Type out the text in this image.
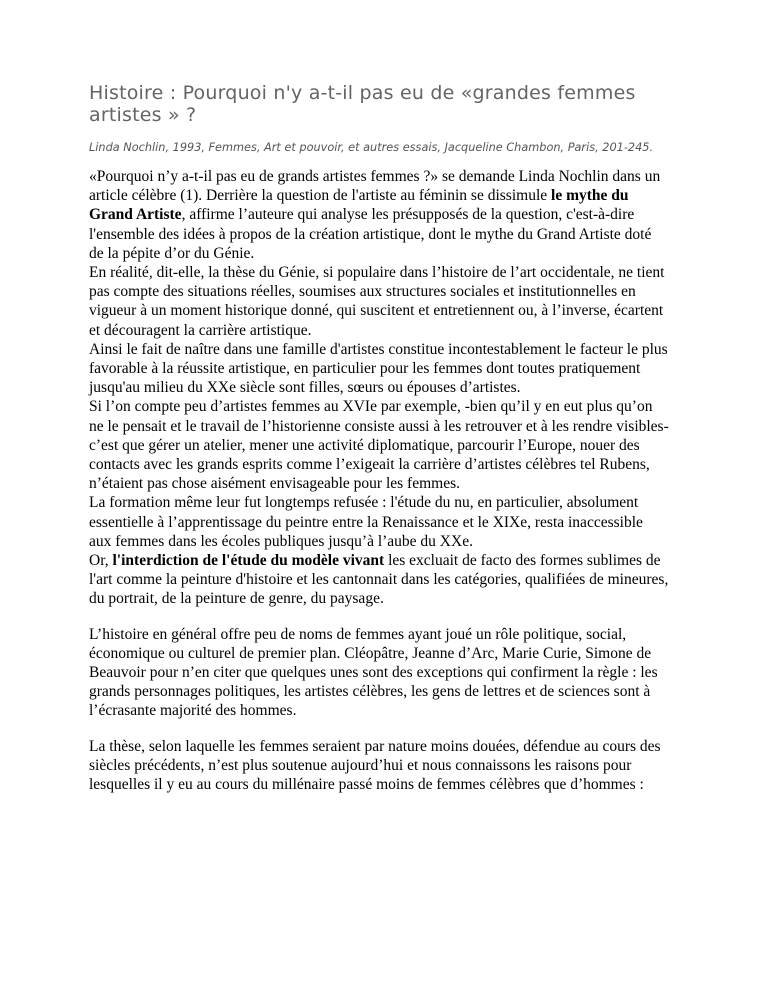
Histoire : Pourquoi n'y a-t-il pas eu de «grandes femmes artistes » ?

Linda Nochlin, 1993, Femmes, Art et pouvoir, et autres essais, Jacqueline Chambon, Paris, 201-245.

«Pourquoi n’y a-t-il pas eu de grands artistes femmes ?» se demande Linda Nochlin dans un article célèbre (1). Derrière la question de l'artiste au féminin se dissimule le mythe du Grand Artiste, affirme l’auteure qui analyse les présupposés de la question, c'est-à-dire l'ensemble des idées à propos de la création artistique, dont le mythe du Grand Artiste doté de la pépite d’or du Génie.
En réalité, dit-elle, la thèse du Génie, si populaire dans l’histoire de l’art occidentale, ne tient pas compte des situations réelles, soumises aux structures sociales et institutionnelles en vigueur à un moment historique donné, qui suscitent et entretiennent ou, à l’inverse, écartent et découragent la carrière artistique.
Ainsi le fait de naître dans une famille d'artistes constitue incontestablement le facteur le plus favorable à la réussite artistique, en particulier pour les femmes dont toutes pratiquement jusqu'au milieu du XXe siècle sont filles, sœurs ou épouses d’artistes.
Si l’on compte peu d’artistes femmes au XVIe par exemple, -bien qu’il y en eut plus qu’on ne le pensait et le travail de l’historienne consiste aussi à les retrouver et à les rendre visibles- c’est que gérer un atelier, mener une activité diplomatique, parcourir l’Europe, nouer des contacts avec les grands esprits comme l’exigeait la carrière d’artistes célèbres tel Rubens, n’étaient pas chose aisément envisageable pour les femmes.
La formation même leur fut longtemps refusée : l'étude du nu, en particulier, absolument essentielle à l’apprentissage du peintre entre la Renaissance et le XIXe, resta inaccessible aux femmes dans les écoles publiques jusqu’à l’aube du XXe.
Or, l'interdiction de l'étude du modèle vivant les excluait de facto des formes sublimes de l'art comme la peinture d'histoire et les cantonnait dans les catégories, qualifiées de mineures, du portrait, de la peinture de genre, du paysage.

L’histoire en général offre peu de noms de femmes ayant joué un rôle politique, social, économique ou culturel de premier plan. Cléopâtre, Jeanne d’Arc, Marie Curie, Simone de Beauvoir pour n’en citer que quelques unes sont des exceptions qui confirment la règle : les grands personnages politiques, les artistes célèbres, les gens de lettres et de sciences sont à l’écrasante majorité des hommes.

La thèse, selon laquelle les femmes seraient par nature moins douées, défendue au cours des siècles précédents, n’est plus soutenue aujourd’hui et nous connaissons les raisons pour lesquelles il y eu au cours du millénaire passé moins de femmes célèbres que d’hommes :
